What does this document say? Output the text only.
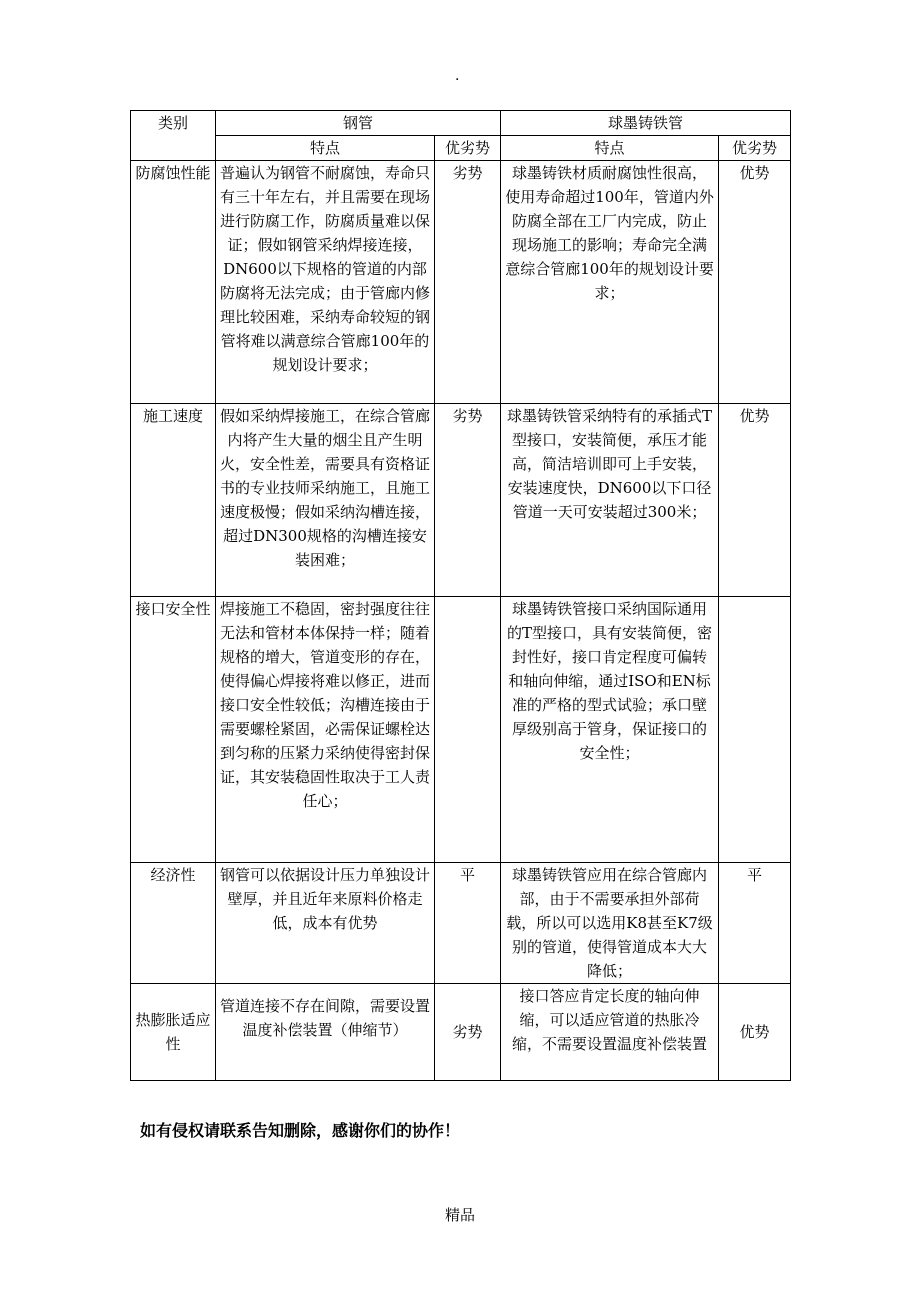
·
类别	钢管		球墨铸铁管	
	特点	优劣势	特点	优劣势
防腐蚀性能	普遍认为钢管不耐腐蚀，寿命只有三十年左右，并且需要在现场进行防腐工作，防腐质量难以保证；假如钢管采纳焊接连接，DN600以下规格的管道的内部防腐将无法完成；由于管廊内修理比较困难，采纳寿命较短的钢管将难以满意综合管廊100年的规划设计要求；	劣势	球墨铸铁材质耐腐蚀性很高，使用寿命超过100年，管道内外防腐全部在工厂内完成，防止现场施工的影响；寿命完全满意综合管廊100年的规划设计要求；	优势
施工速度	假如采纳焊接施工，在综合管廊内将产生大量的烟尘且产生明火，安全性差，需要具有资格证书的专业技师采纳施工，且施工速度极慢；假如采纳沟槽连接，超过DN300规格的沟槽连接安装困难；	劣势	球墨铸铁管采纳特有的承插式T型接口，安装简便，承压才能高，简洁培训即可上手安装，安装速度快，DN600以下口径管道一天可安装超过300米；	优势
接口安全性	焊接施工不稳固，密封强度往往无法和管材本体保持一样；随着规格的增大，管道变形的存在，使得偏心焊接将难以修正，进而接口安全性较低；沟槽连接由于需要螺栓紧固，必需保证螺栓达到匀称的压紧力采纳使得密封保证，其安装稳固性取决于工人责任心；		球墨铸铁管接口采纳国际通用的T型接口，具有安装简便，密封性好，接口肯定程度可偏转和轴向伸缩，通过ISO和EN标准的严格的型式试验；承口壁厚级别高于管身，保证接口的安全性；	
经济性	钢管可以依据设计压力单独设计壁厚，并且近年来原料价格走低，成本有优势	平	球墨铸铁管应用在综合管廊内部，由于不需要承担外部荷载，所以可以选用K8甚至K7级别的管道，使得管道成本大大降低；	平
热膨胀适应性	管道连接不存在间隙，需要设置温度补偿装置（伸缩节）	劣势	接口答应肯定长度的轴向伸缩，可以适应管道的热胀冷缩，不需要设置温度补偿装置	优势
如有侵权请联系告知删除，感谢你们的协作！
精品
